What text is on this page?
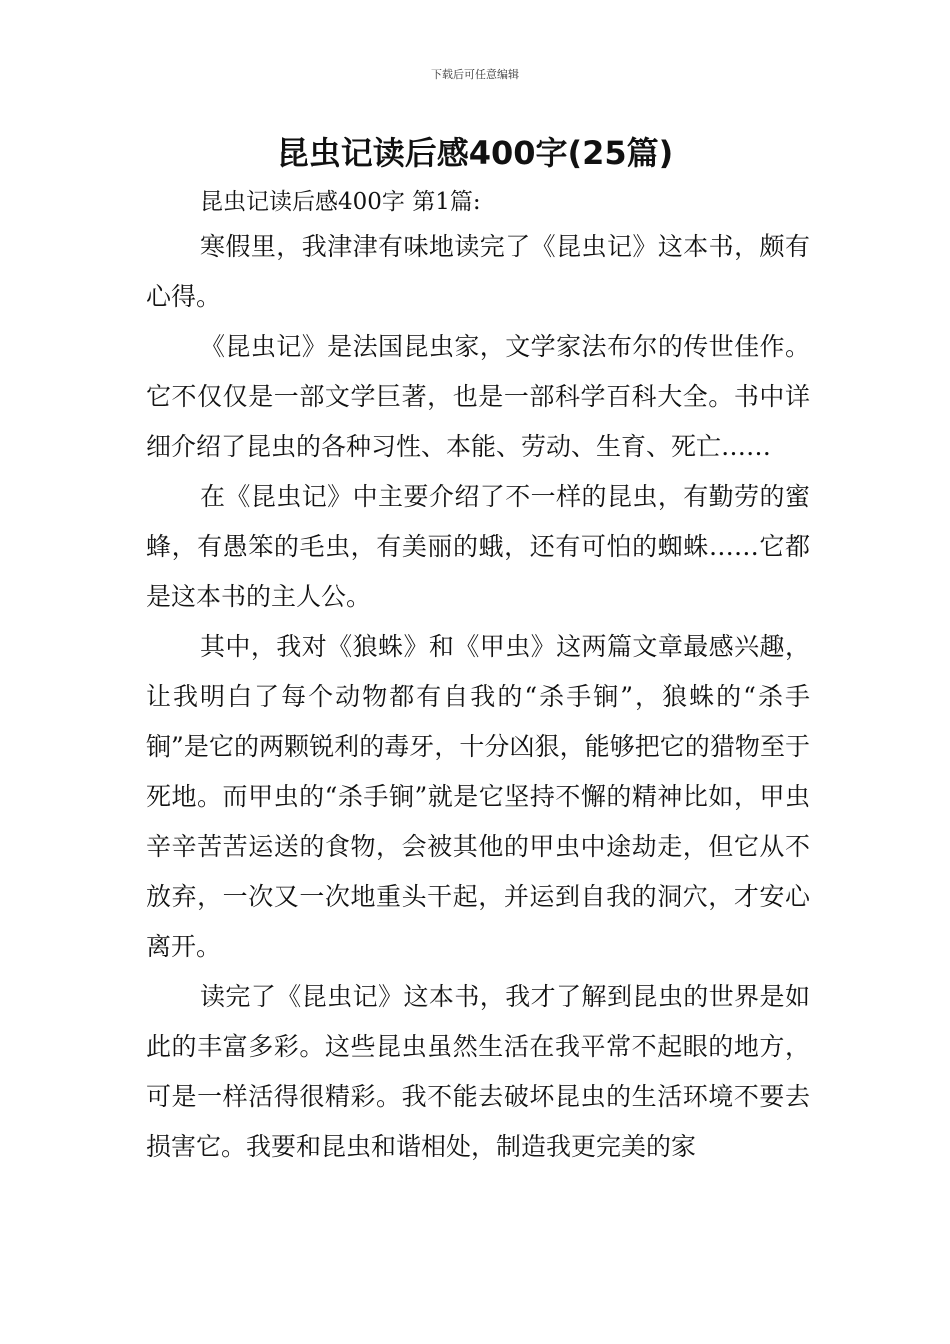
下载后可任意编辑
昆虫记读后感400字(25篇)
昆虫记读后感400字 第1篇:

寒假里，我津津有味地读完了《昆虫记》这本书，颇有心得。

《昆虫记》是法国昆虫家，文学家法布尔的传世佳作。它不仅仅是一部文学巨著，也是一部科学百科大全。书中详细介绍了昆虫的各种习性、本能、劳动、生育、死亡……

在《昆虫记》中主要介绍了不一样的昆虫，有勤劳的蜜蜂，有愚笨的毛虫，有美丽的蛾，还有可怕的蜘蛛……它都是这本书的主人公。

其中，我对《狼蛛》和《甲虫》这两篇文章最感兴趣，让我明白了每个动物都有自我的“杀手锏”，狼蛛的“杀手锏”是它的两颗锐利的毒牙，十分凶狠，能够把它的猎物至于死地。而甲虫的“杀手锏”就是它坚持不懈的精神比如，甲虫辛辛苦苦运送的食物，会被其他的甲虫中途劫走，但它从不放弃，一次又一次地重头干起，并运到自我的洞穴，才安心离开。

读完了《昆虫记》这本书，我才了解到昆虫的世界是如此的丰富多彩。这些昆虫虽然生活在我平常不起眼的地方，可是一样活得很精彩。我不能去破坏昆虫的生活环境不要去损害它。我要和昆虫和谐相处，制造我更完美的家
